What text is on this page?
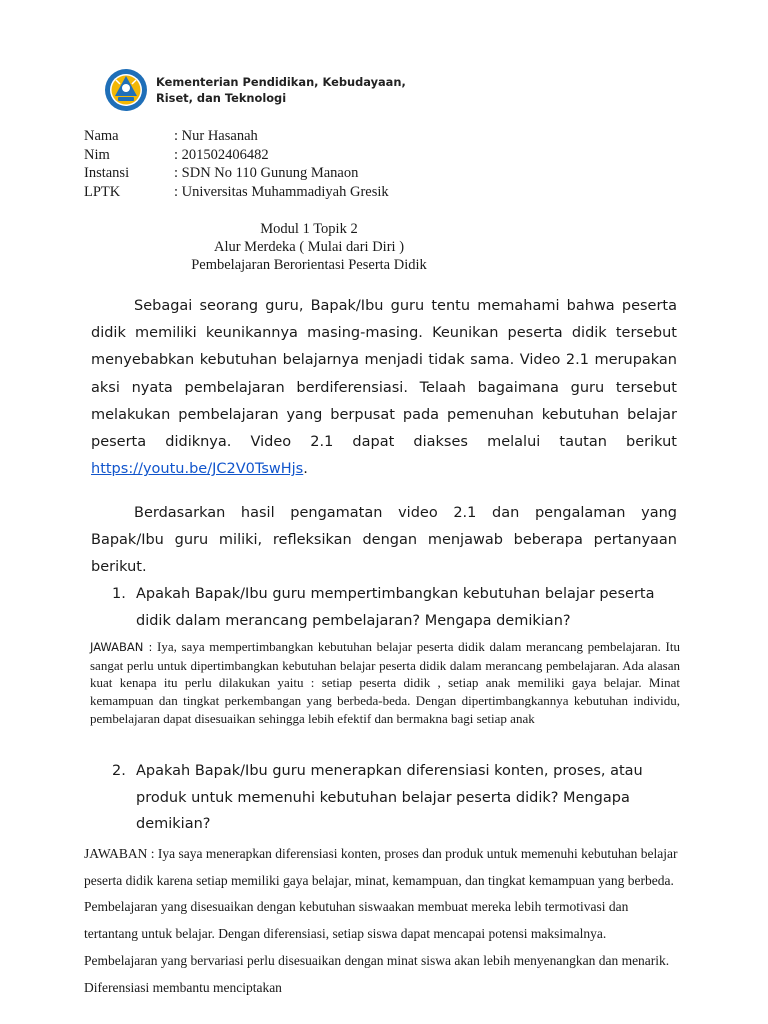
Kementerian Pendidikan, Kebudayaan,
Riset, dan Teknologi
Nama	: Nur Hasanah
Nim	: 201502406482
Instansi	: SDN No 110 Gunung Manaon
LPTK	: Universitas Muhammadiyah Gresik
Modul 1 Topik 2
Alur Merdeka ( Mulai dari Diri )
Pembelajaran Berorientasi Peserta Didik
Sebagai seorang guru, Bapak/Ibu guru tentu memahami bahwa peserta didik memiliki keunikannya masing-masing. Keunikan peserta didik tersebut menyebabkan kebutuhan belajarnya menjadi tidak sama. Video 2.1 merupakan aksi nyata pembelajaran berdiferensiasi. Telaah bagaimana guru tersebut melakukan pembelajaran yang berpusat pada pemenuhan kebutuhan belajar peserta didiknya. Video 2.1 dapat diakses melalui tautan berikut https://youtu.be/JC2V0TswHjs.
Berdasarkan hasil pengamatan video 2.1 dan pengalaman yang Bapak/Ibu guru miliki, refleksikan dengan menjawab beberapa pertanyaan berikut.
1. Apakah Bapak/Ibu guru mempertimbangkan kebutuhan belajar peserta didik dalam merancang pembelajaran? Mengapa demikian?
JAWABAN : Iya, saya mempertimbangkan kebutuhan belajar peserta didik dalam merancang pembelajaran. Itu sangat perlu untuk dipertimbangkan kebutuhan belajar peserta didik dalam merancang pembelajaran. Ada alasan kuat kenapa itu perlu dilakukan yaitu : setiap peserta didik , setiap anak memiliki gaya belajar. Minat kemampuan dan tingkat perkembangan yang berbeda-beda. Dengan dipertimbangkannya kebutuhan individu, pembelajaran dapat disesuaikan sehingga lebih efektif dan bermakna bagi setiap anak
2. Apakah Bapak/Ibu guru menerapkan diferensiasi konten, proses, atau produk untuk memenuhi kebutuhan belajar peserta didik? Mengapa demikian?
JAWABAN : Iya saya menerapkan diferensiasi konten, proses dan produk untuk memenuhi kebutuhan belajar peserta didik karena setiap memiliki gaya belajar, minat, kemampuan, dan tingkat kemampuan yang berbeda. Pembelajaran yang disesuaikan dengan kebutuhan siswaakan membuat mereka lebih termotivasi dan tertantang untuk belajar. Dengan diferensiasi, setiap siswa dapat mencapai potensi maksimalnya. Pembelajaran yang bervariasi perlu disesuaikan dengan minat siswa akan lebih menyenangkan dan menarik. Diferensiasi membantu menciptakan
